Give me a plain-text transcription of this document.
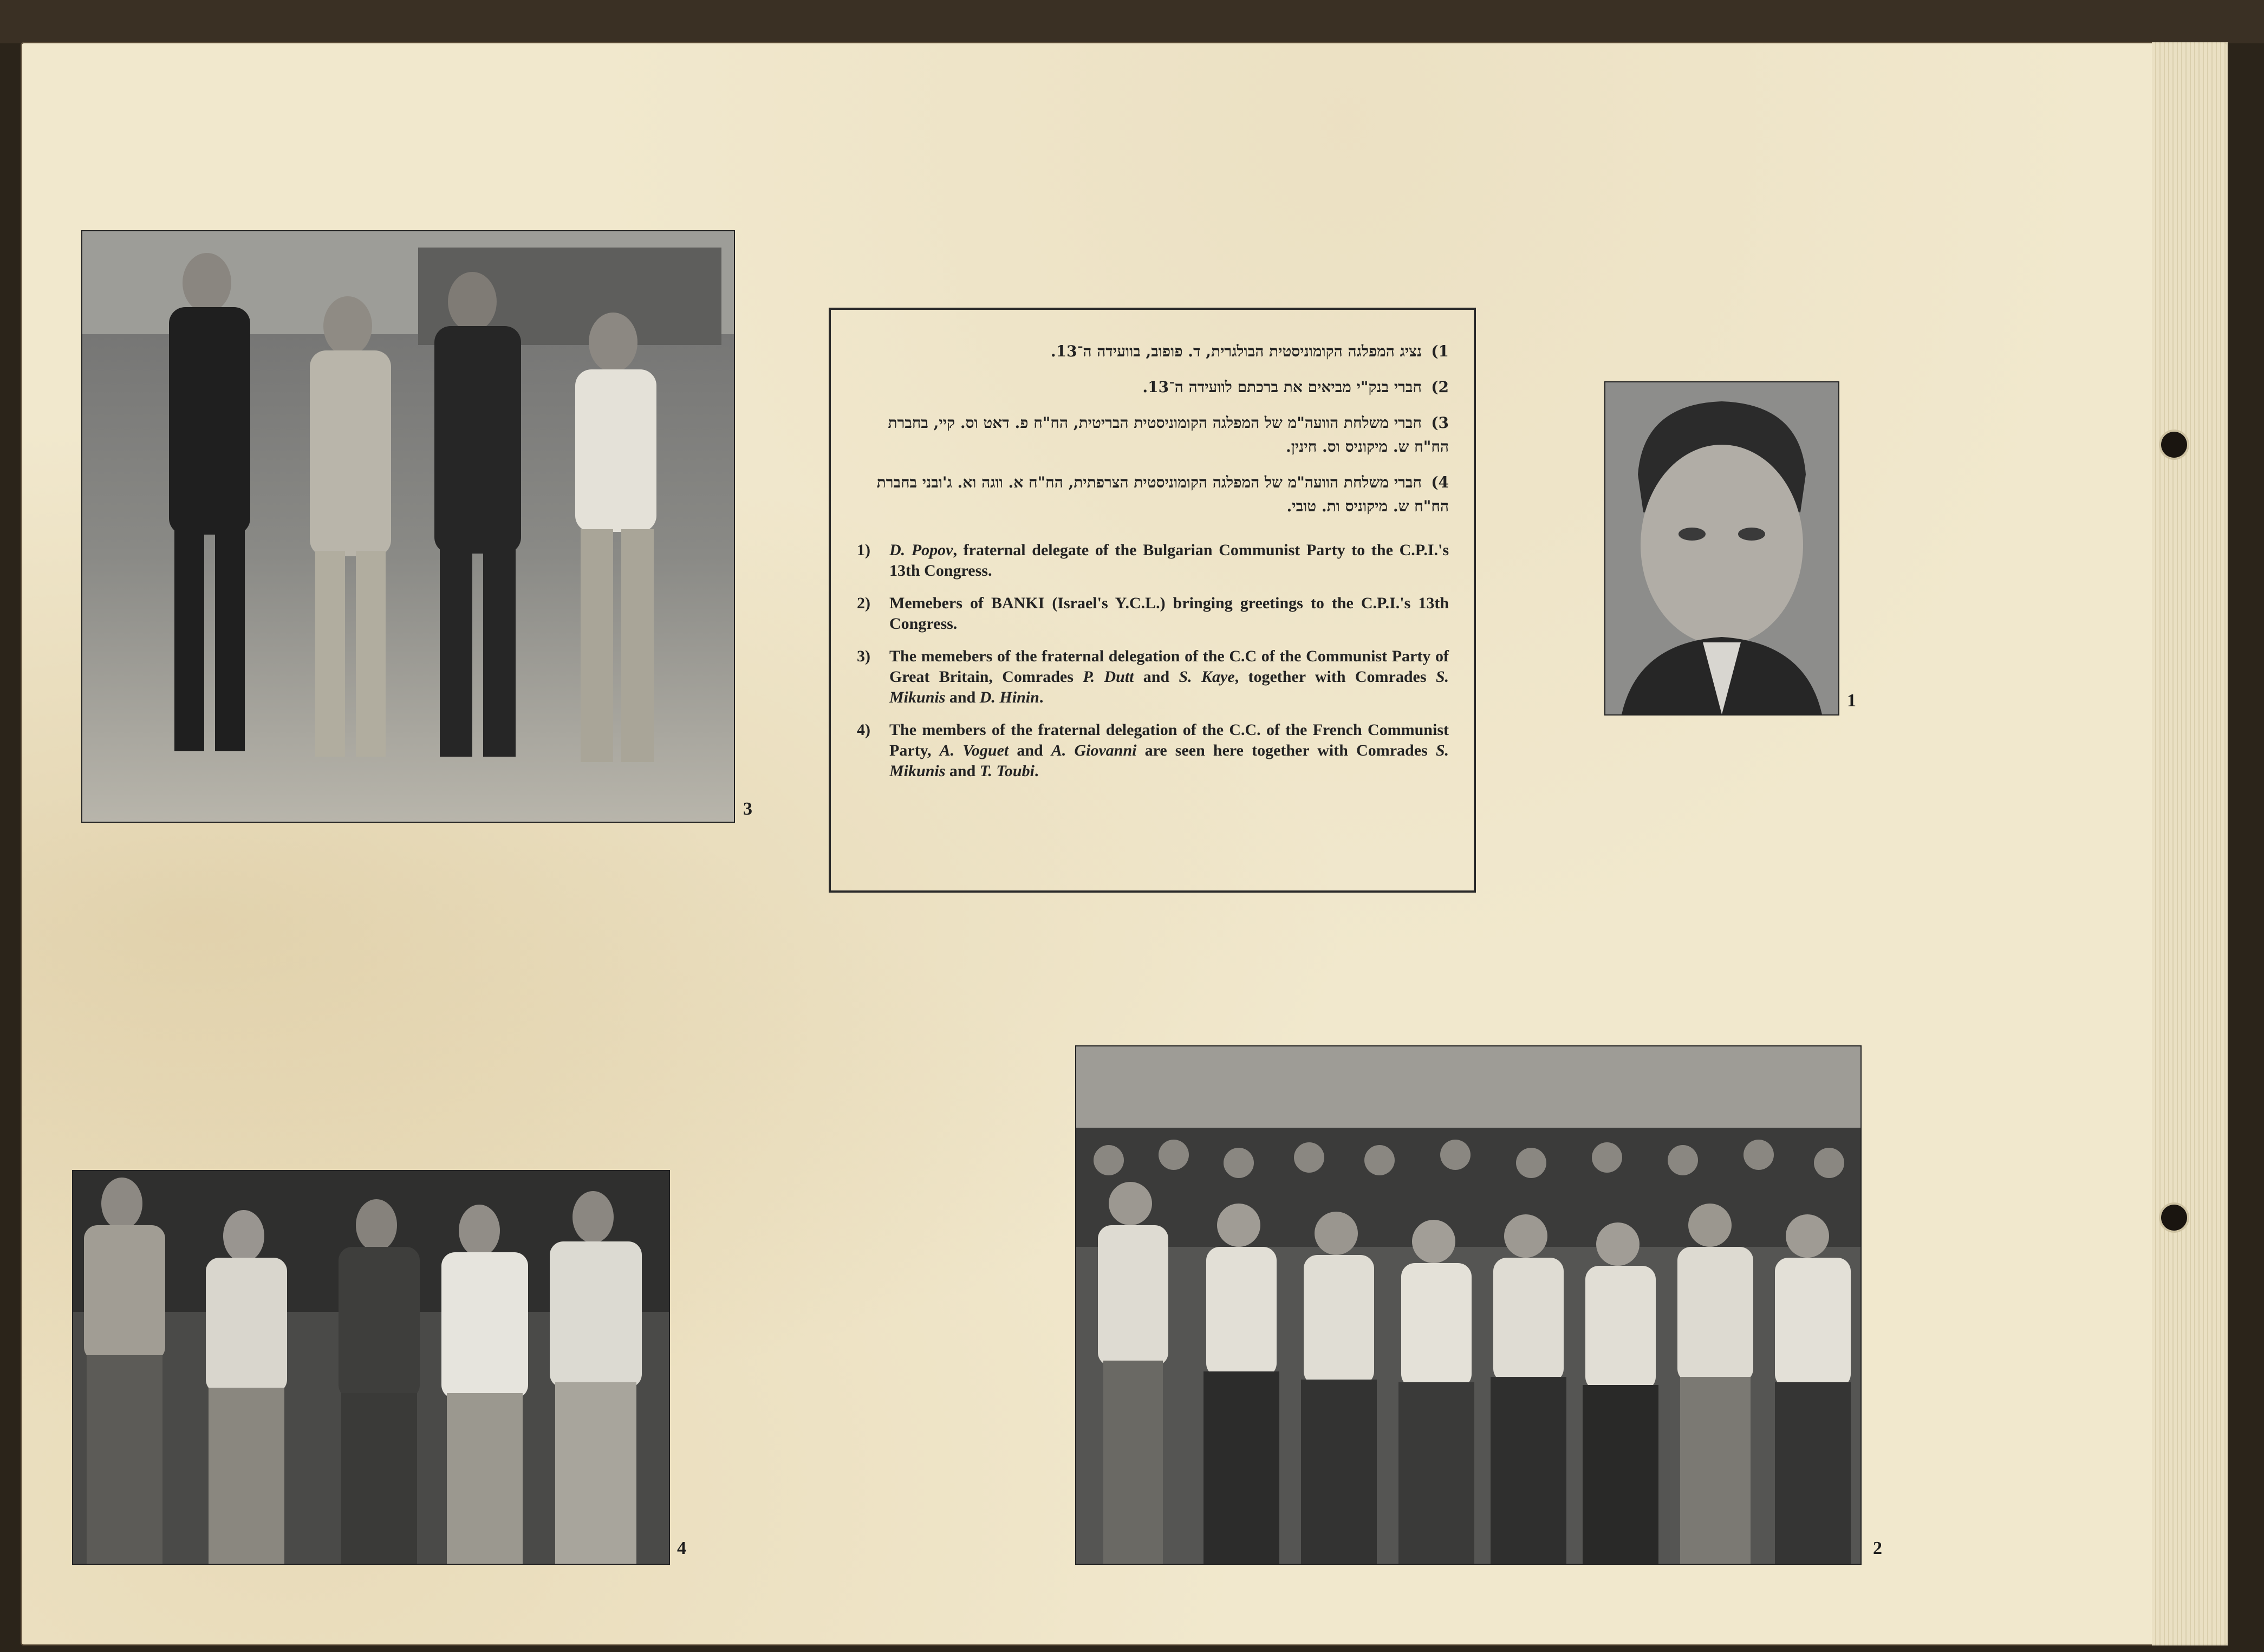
3
1
4	2
1)נציג המפלגה הקומוניסטית הבולגרית, ד. פופוב, בוועידה ה־13.
2)חברי בנק"י מביאים את ברכתם לוועידה ה־13.
3)חברי משלחת הוועה"מ של המפלגה הקומוניסטית הבריטית, הח"ח פ. דאט וס. קיי, בחברת הח"ח ש. מיקוניס וס. חינין.
4)חברי משלחת הוועה"מ של המפלגה הקומוניסטית הצרפתית, הח"ח א. ווגה וא. ג'ובני בחברת הח"ח ש. מיקוניס ות. טובי.
1)	D. Popov, fraternal delegate of the Bulgarian Communist Party to the C.P.I.'s 13th Congress.
2)	Memebers of BANKI (Israel's Y.C.L.) bringing greetings to the C.P.I.'s 13th Congress.
3)	The memebers of the fraternal delegation of the C.C of the Communist Party of Great Britain, Comrades P. Dutt and S. Kaye, together with Comrades S. Mikunis and D. Hinin.
4)	The members of the fraternal delegation of the C.C. of the French Communist Party, A. Voguet and A. Giovanni are seen here together with Comrades S. Mikunis and T. Toubi.
